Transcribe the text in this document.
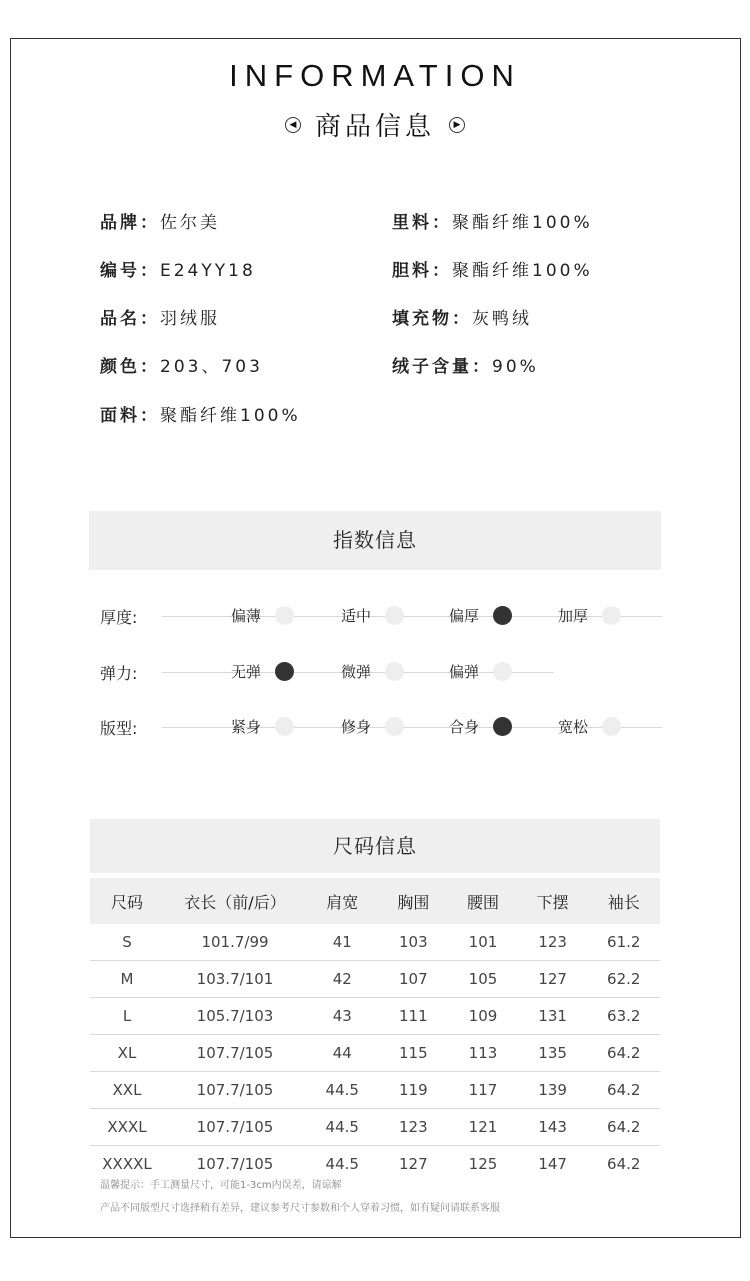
INFORMATION
◀ 商品信息 ▶
品牌：佐尔美
编号：E24YY18
品名：羽绒服
颜色：203、703
面料：聚酯纤维100%
里料：聚酯纤维100%
胆料：聚酯纤维100%
填充物：灰鸭绒
绒子含量：90%
指数信息
厚度:	偏薄	适中	偏厚	加厚
弹力:	无弹	微弹	偏弹
版型:	紧身	修身	合身	宽松
尺码信息
尺码	衣长（前/后）	肩宽	胸围	腰围	下摆	袖长
S	101.7/99	41	103	101	123	61.2
M	103.7/101	42	107	105	127	62.2
L	105.7/103	43	111	109	131	63.2
XL	107.7/105	44	115	113	135	64.2
XXL	107.7/105	44.5	119	117	139	64.2
XXXL	107.7/105	44.5	123	121	143	64.2
XXXXL	107.7/105	44.5	127	125	147	64.2
温馨提示：手工测量尺寸，可能1-3cm内误差，请谅解
产品不同版型尺寸选择稍有差异，建议参考尺寸参数和个人穿着习惯，如有疑问请联系客服
